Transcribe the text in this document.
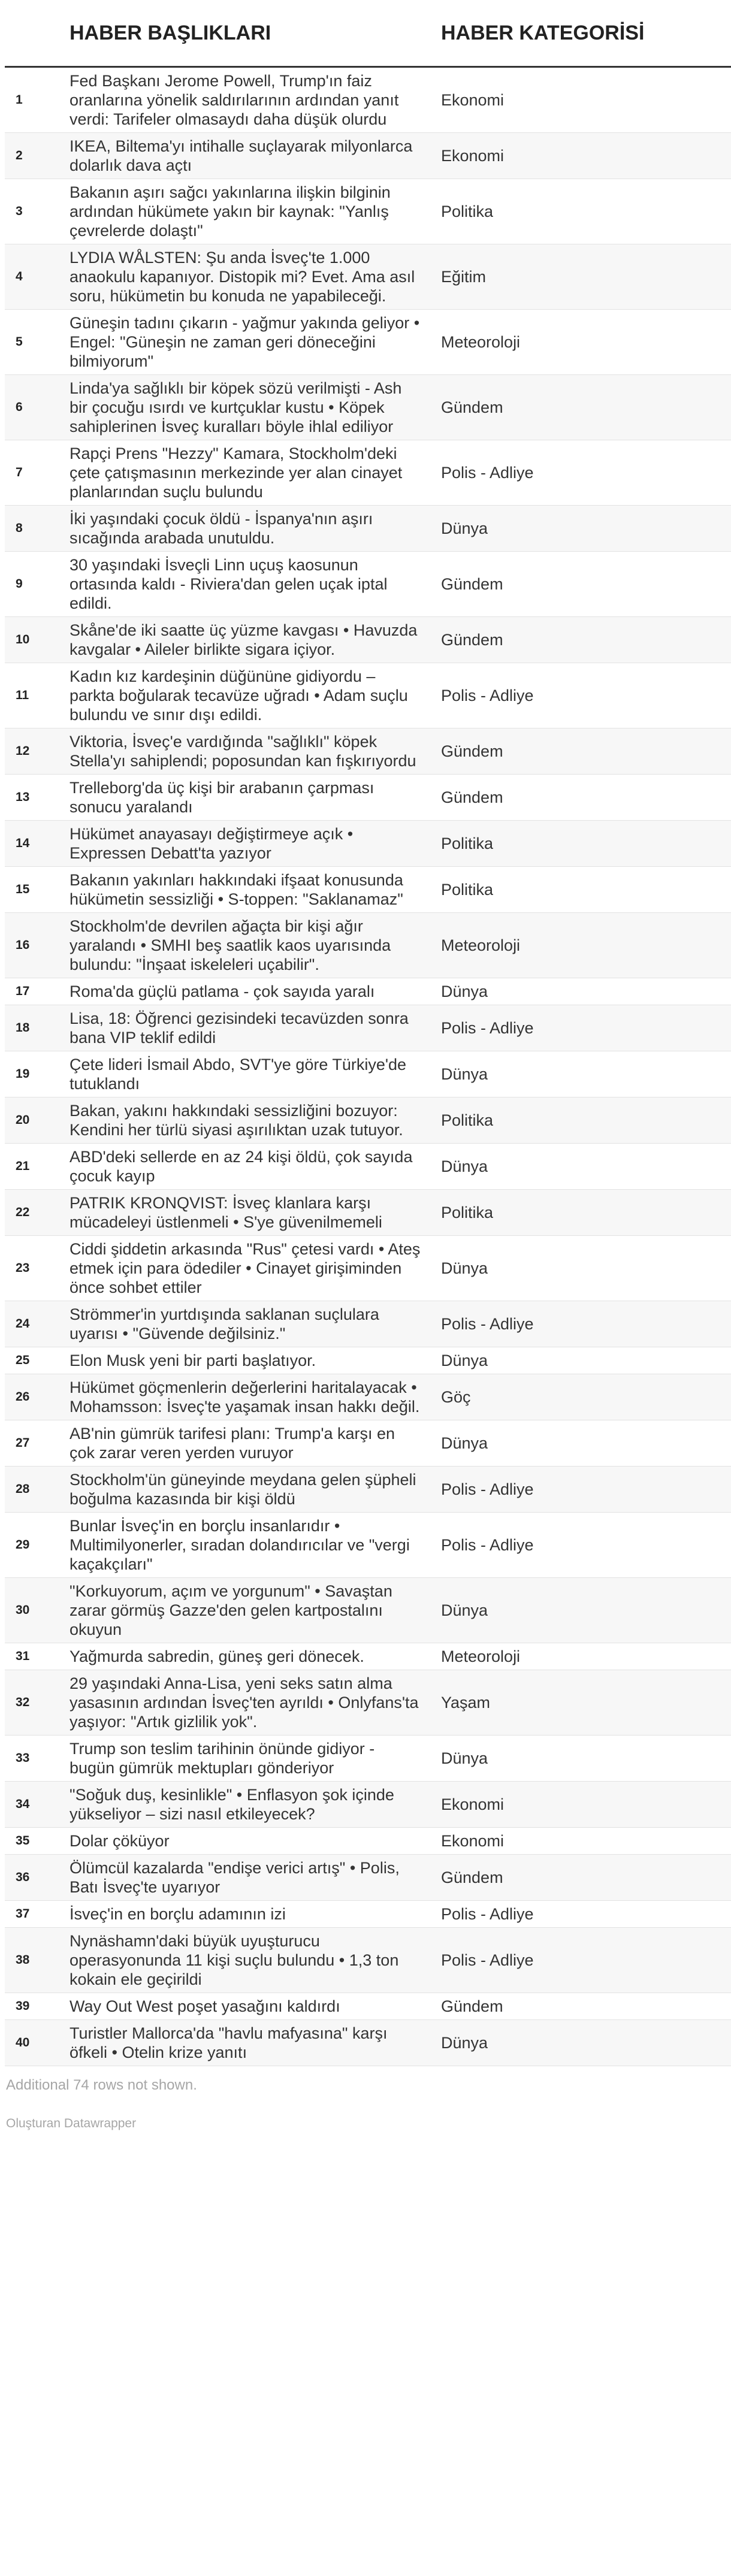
	HABER BAŞLIKLARI	HABER KATEGORİSİ
1	Fed Başkanı Jerome Powell, Trump'ın faiz oranlarına yönelik saldırılarının ardından yanıt verdi: Tarifeler olmasaydı daha düşük olurdu	Ekonomi
2	IKEA, Biltema'yı intihalle suçlayarak milyonlarca dolarlık dava açtı	Ekonomi
3	Bakanın aşırı sağcı yakınlarına ilişkin bilginin ardından hükümete yakın bir kaynak: "Yanlış çevrelerde dolaştı"	Politika
4	LYDIA WÅLSTEN: Şu anda İsveç'te 1.000 anaokulu kapanıyor. Distopik mi? Evet. Ama asıl soru, hükümetin bu konuda ne yapabileceği.	Eğitim
5	Güneşin tadını çıkarın - yağmur yakında geliyor • Engel: "Güneşin ne zaman geri döneceğini bilmiyorum"	Meteoroloji
6	Linda'ya sağlıklı bir köpek sözü verilmişti - Ash bir çocuğu ısırdı ve kurtçuklar kustu • Köpek sahiplerinen İsveç kuralları böyle ihlal ediliyor	Gündem
7	Rapçi Prens "Hezzy" Kamara, Stockholm'deki çete çatışmasının merkezinde yer alan cinayet planlarından suçlu bulundu	Polis - Adliye
8	İki yaşındaki çocuk öldü - İspanya'nın aşırı sıcağında arabada unutuldu.	Dünya
9	30 yaşındaki İsveçli Linn uçuş kaosunun ortasında kaldı - Riviera'dan gelen uçak iptal edildi.	Gündem
10	Skåne'de iki saatte üç yüzme kavgası • Havuzda kavgalar • Aileler birlikte sigara içiyor.	Gündem
11	Kadın kız kardeşinin düğününe gidiyordu – parkta boğularak tecavüze uğradı • Adam suçlu bulundu ve sınır dışı edildi.	Polis - Adliye
12	Viktoria, İsveç'e vardığında "sağlıklı" köpek Stella'yı sahiplendi; poposundan kan fışkırıyordu	Gündem
13	Trelleborg'da üç kişi bir arabanın çarpması sonucu yaralandı	Gündem
14	Hükümet anayasayı değiştirmeye açık • Expressen Debatt'ta yazıyor	Politika
15	Bakanın yakınları hakkındaki ifşaat konusunda hükümetin sessizliği • S-toppen: "Saklanamaz"	Politika
16	Stockholm'de devrilen ağaçta bir kişi ağır yaralandı • SMHI beş saatlik kaos uyarısında bulundu: "İnşaat iskeleleri uçabilir".	Meteoroloji
17	Roma'da güçlü patlama - çok sayıda yaralı	Dünya
18	Lisa, 18: Öğrenci gezisindeki tecavüzden sonra bana VIP teklif edildi	Polis - Adliye
19	Çete lideri İsmail Abdo, SVT'ye göre Türkiye'de tutuklandı	Dünya
20	Bakan, yakını hakkındaki sessizliğini bozuyor: Kendini her türlü siyasi aşırılıktan uzak tutuyor.	Politika
21	ABD'deki sellerde en az 24 kişi öldü, çok sayıda çocuk kayıp	Dünya
22	PATRIK KRONQVIST: İsveç klanlara karşı mücadeleyi üstlenmeli • S'ye güvenilmemeli	Politika
23	Ciddi şiddetin arkasında "Rus" çetesi vardı • Ateş etmek için para ödediler • Cinayet girişiminden önce sohbet ettiler	Dünya
24	Strömmer'in yurtdışında saklanan suçlulara uyarısı • "Güvende değilsiniz."	Polis - Adliye
25	Elon Musk yeni bir parti başlatıyor.	Dünya
26	Hükümet göçmenlerin değerlerini haritalayacak • Mohamsson: İsveç'te yaşamak insan hakkı değil.	Göç
27	AB'nin gümrük tarifesi planı: Trump'a karşı en çok zarar veren yerden vuruyor	Dünya
28	Stockholm'ün güneyinde meydana gelen şüpheli boğulma kazasında bir kişi öldü	Polis - Adliye
29	Bunlar İsveç'in en borçlu insanlarıdır • Multimilyonerler, sıradan dolandırıcılar ve "vergi kaçakçıları"	Polis - Adliye
30	"Korkuyorum, açım ve yorgunum" • Savaştan zarar görmüş Gazze'den gelen kartpostalını okuyun	Dünya
31	Yağmurda sabredin, güneş geri dönecek.	Meteoroloji
32	29 yaşındaki Anna-Lisa, yeni seks satın alma yasasının ardından İsveç'ten ayrıldı • Onlyfans'ta yaşıyor: "Artık gizlilik yok".	Yaşam
33	Trump son teslim tarihinin önünde gidiyor - bugün gümrük mektupları gönderiyor	Dünya
34	"Soğuk duş, kesinlikle" • Enflasyon şok içinde yükseliyor – sizi nasıl etkileyecek?	Ekonomi
35	Dolar çöküyor	Ekonomi
36	Ölümcül kazalarda "endişe verici artış" • Polis, Batı İsveç'te uyarıyor	Gündem
37	İsveç'in en borçlu adamının izi	Polis - Adliye
38	Nynäshamn'daki büyük uyuşturucu operasyonunda 11 kişi suçlu bulundu • 1,3 ton kokain ele geçirildi	Polis - Adliye
39	Way Out West poşet yasağını kaldırdı	Gündem
40	Turistler Mallorca'da "havlu mafyasına" karşı öfkeli • Otelin krize yanıtı	Dünya
Additional 74 rows not shown.
Oluşturan Datawrapper
